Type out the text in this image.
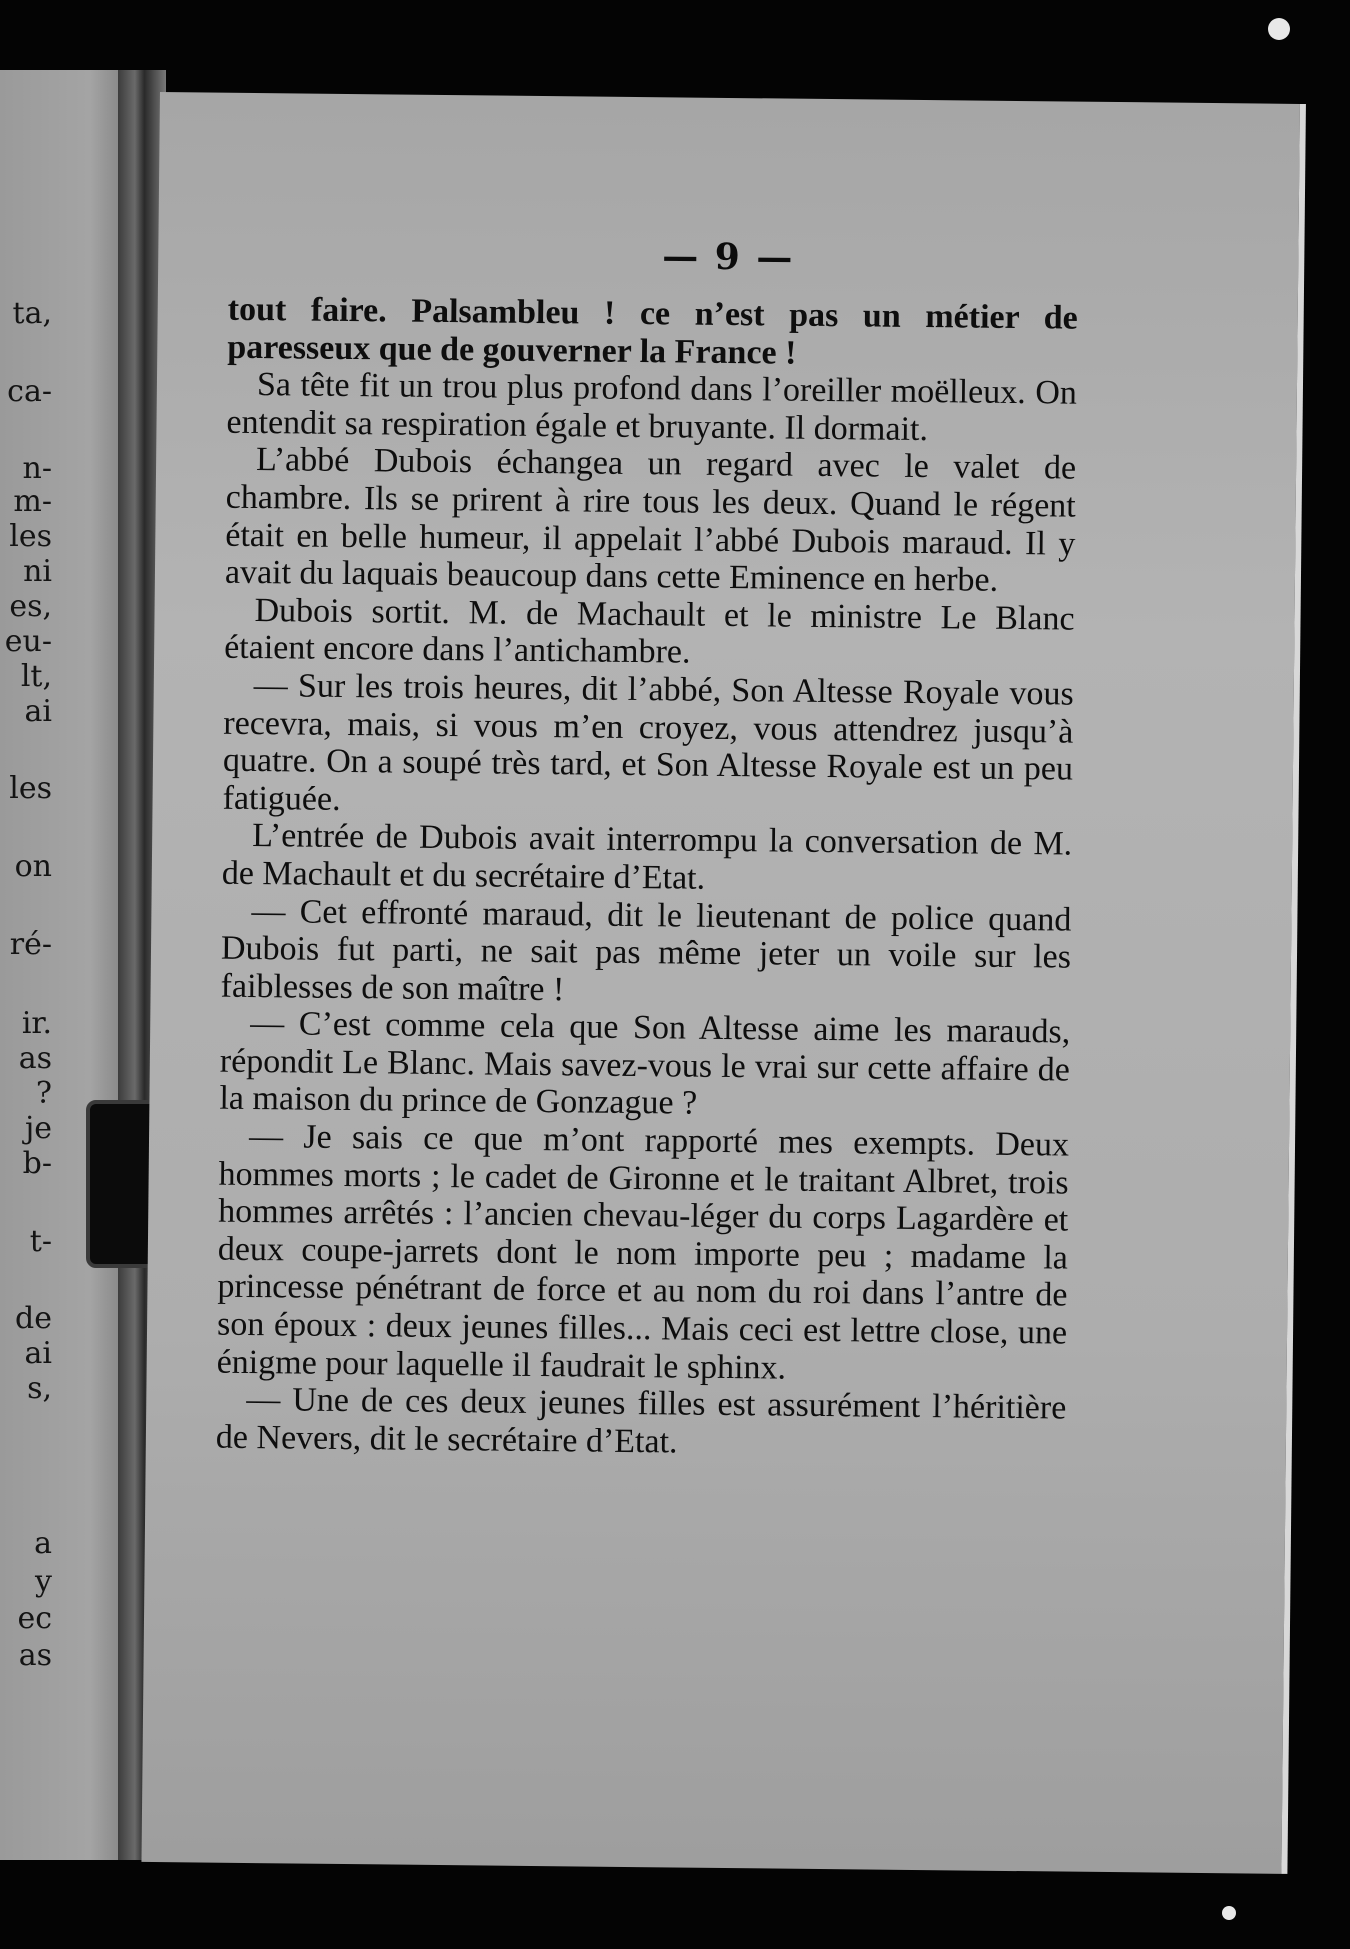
ta,
ca-
n-
m-
les
ni
es,
eu-
lt,
ai
les
on
ré-
ir.
as
?
je
b-
t-
de
ai
s,
a
y
ec
as
— 9 —

tout faire. Palsambleu ! ce n’est pas un métier de paresseux que de gouverner la France !

Sa tête fit un trou plus profond dans l’oreiller moëlleux. On entendit sa respiration égale et bruyante. Il dormait.

L’abbé Dubois échangea un regard avec le valet de chambre. Ils se prirent à rire tous les deux. Quand le régent était en belle humeur, il appelait l’abbé Dubois maraud. Il y avait du laquais beaucoup dans cette Eminence en herbe.

Dubois sortit. M. de Machault et le ministre Le Blanc étaient encore dans l’antichambre.

— Sur les trois heures, dit l’abbé, Son Altesse Royale vous recevra, mais, si vous m’en croyez, vous attendrez jusqu’à quatre. On a soupé très tard, et Son Altesse Royale est un peu fatiguée.

L’entrée de Dubois avait interrompu la conversation de M. de Machault et du secrétaire d’Etat.

— Cet effronté maraud, dit le lieutenant de police quand Dubois fut parti, ne sait pas même jeter un voile sur les faiblesses de son maître !

— C’est comme cela que Son Altesse aime les marauds, répondit Le Blanc. Mais savez-vous le vrai sur cette affaire de la maison du prince de Gonzague ?

— Je sais ce que m’ont rapporté mes exempts. Deux hommes morts ; le cadet de Gironne et le traitant Albret, trois hommes arrêtés : l’ancien chevau-léger du corps Lagardère et deux coupe-jarrets dont le nom importe peu ; madame la princesse pénétrant de force et au nom du roi dans l’antre de son époux : deux jeunes filles... Mais ceci est lettre close, une énigme pour laquelle il faudrait le sphinx.

— Une de ces deux jeunes filles est assurément l’héritière de Nevers, dit le secrétaire d’Etat.
